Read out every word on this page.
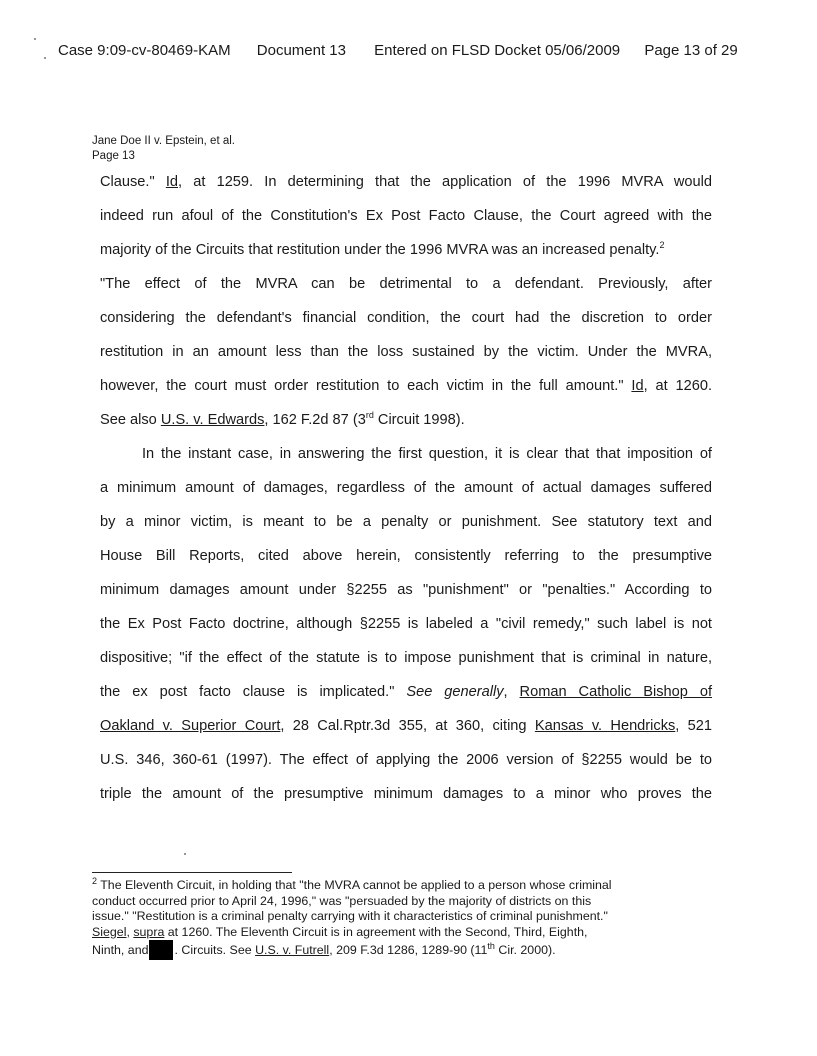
Case 9:09-cv-80469-KAM Document 13 Entered on FLSD Docket 05/06/2009 Page 13 of 29
Jane Doe II v. Epstein, et al.
Page 13
Clause." Id, at 1259. In determining that the application of the 1996 MVRA would
indeed run afoul of the Constitution's Ex Post Facto Clause, the Court agreed with the
majority of the Circuits that restitution under the 1996 MVRA was an increased penalty.$^2$
"The effect of the MVRA can be detrimental to a defendant. Previously, after
considering the defendant's financial condition, the court had the discretion to order
restitution in an amount less than the loss sustained by the victim. Under the MVRA,
however, the court must order restitution to each victim in the full amount." Id, at 1260.
See also U.S. v. Edwards, 162 F.2d 87 (3rd Circuit 1998).
In the instant case, in answering the first question, it is clear that that imposition of
a minimum amount of damages, regardless of the amount of actual damages suffered
by a minor victim, is meant to be a penalty or punishment. See statutory text and
House Bill Reports, cited above herein, consistently referring to the presumptive
minimum damages amount under §2255 as "punishment" or "penalties." According to
the Ex Post Facto doctrine, although §2255 is labeled a "civil remedy," such label is not
dispositive; "if the effect of the statute is to impose punishment that is criminal in nature,
the ex post facto clause is implicated." See generally, Roman Catholic Bishop of
Oakland v. Superior Court, 28 Cal.Rptr.3d 355, at 360, citing Kansas v. Hendricks, 521
U.S. 346, 360-61 (1997). The effect of applying the 2006 version of §2255 would be to
triple the amount of the presumptive minimum damages to a minor who proves the
$^2$ The Eleventh Circuit, in holding that "the MVRA cannot be applied to a person whose criminal
conduct occurred prior to April 24, 1996," was "persuaded by the majority of districts on this
issue." "Restitution is a criminal penalty carrying with it characteristics of criminal punishment."
Siegel, supra at 1260. The Eleventh Circuit is in agreement with the Second, Third, Eighth,
Ninth, and . Circuits. See U.S. v. Futrell, 209 F.3d 1286, 1289-90 (11th Cir. 2000).
